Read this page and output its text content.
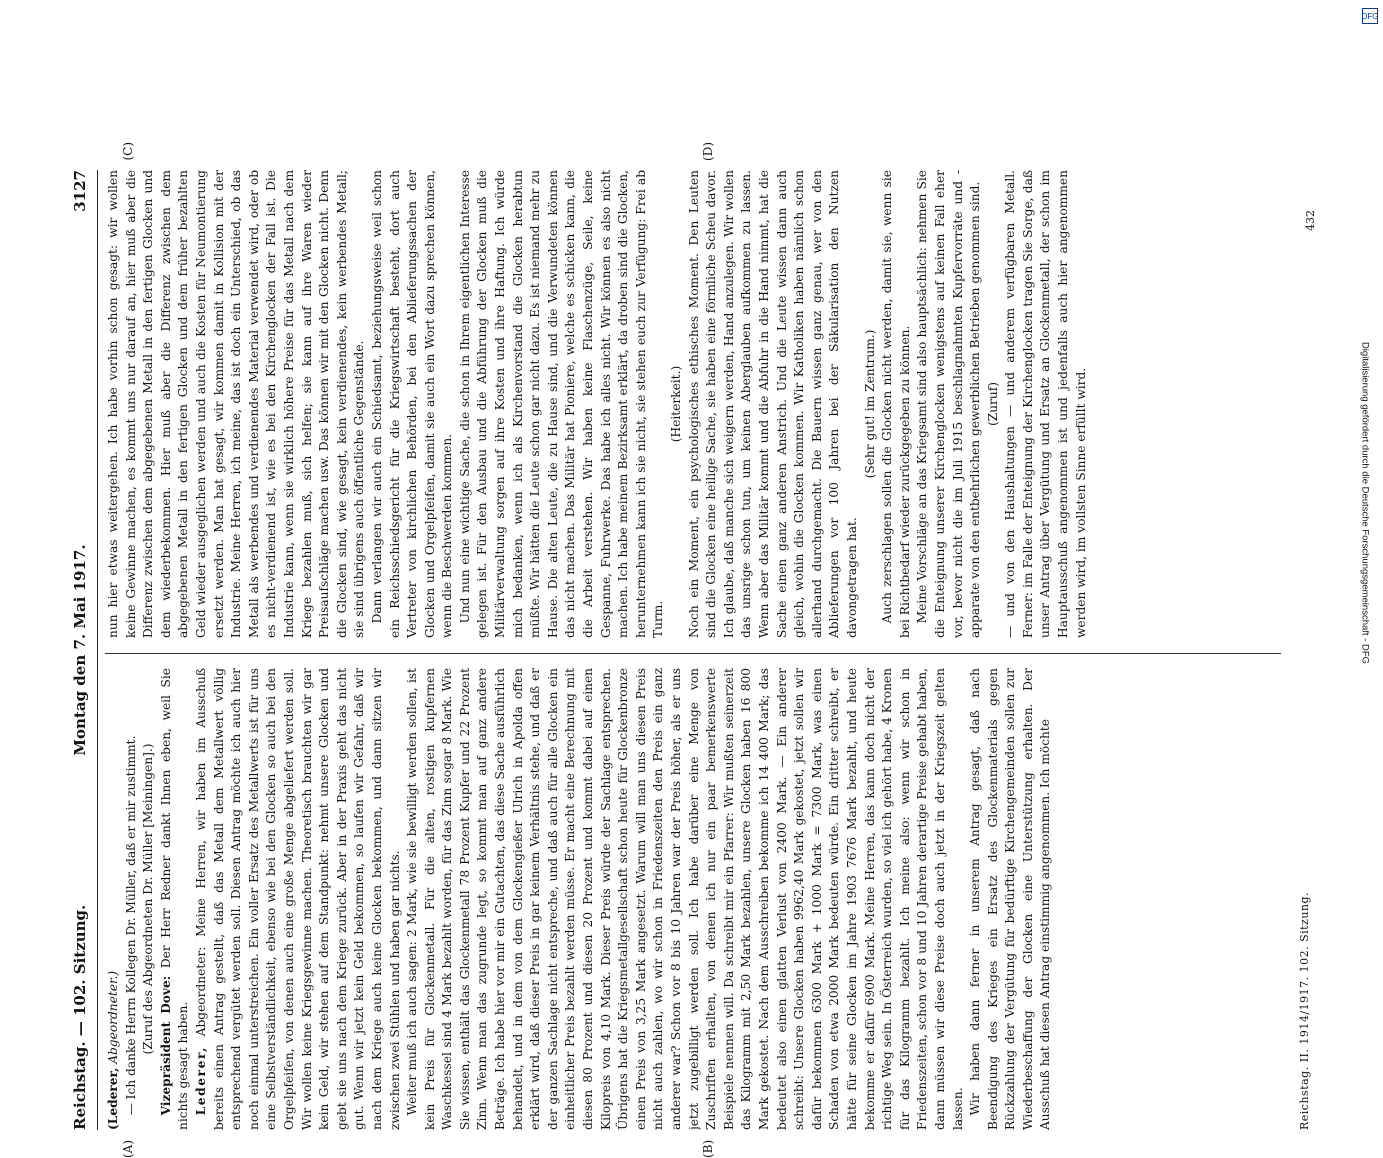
Reichstag. — 102. Sitzung.
Montag den 7. Mai 1917.
3127
(A)	(B)
(C)	(D)

(Lederer, Abgeordneter.) — Ich danke Herrn Kollegen Dr. Müller, daß er mir zustimmt. (Zuruf des Abgeordneten Dr. Müller [Meiningen].) Vizepräsident Dove: Der Herr Redner dankt Ihnen eben, weil Sie nichts gesagt haben. Lederer, Abgeordneter: Meine Herren, wir haben im Ausschuß bereits einen Antrag gestellt, daß das Metall dem Metallwert völlig entsprechend vergütet werden soll. Diesen Antrag möchte ich auch hier noch einmal unterstreichen. Ein voller Ersatz des Metallwerts ist für uns eine Selbstverständlichkeit, ebenso wie bei den Glocken so auch bei den Orgelpfeifen, von denen auch eine große Menge abgeliefert werden soll. Wir wollen keine Kriegsgewinne machen. Theoretisch brauchten wir gar kein Geld, wir stehen auf dem Standpunkt: nehmt unsere Glocken und gebt sie uns nach dem Kriege zurück. Aber in der Praxis geht das nicht gut. Wenn wir jetzt kein Geld bekommen, so laufen wir Gefahr, daß wir nach dem Kriege auch keine Glocken bekommen, und dann sitzen wir zwischen zwei Stühlen und haben gar nichts. Weiter muß ich auch sagen: 2 Mark, wie sie bewilligt werden sollen, ist kein Preis für Glockenmetall. Für die alten, rostigen kupfernen Waschkessel sind 4 Mark bezahlt worden, für das Zinn sogar 8 Mark. Wie Sie wissen, enthält das Glockenmetall 78 Prozent Kupfer und 22 Prozent Zinn. Wenn man das zugrunde legt, so kommt man auf ganz andere Beträge. Ich habe hier vor mir ein Gutachten, das diese Sache ausführlich behandelt, und in dem von dem Glockengießer Ulrich in Apolda offen erklärt wird, daß dieser Preis in gar keinem Verhältnis stehe, und daß er der ganzen Sachlage nicht entspreche, und daß auch für alle Glocken ein einheitlicher Preis bezahlt werden müsse. Er macht eine Berechnung mit diesen 80 Prozent und diesen 20 Prozent und kommt dabei auf einen Kilopreis von 4,10 Mark. Dieser Preis würde der Sachlage entsprechen. Übrigens hat die Kriegsmetallgesellschaft schon heute für Glockenbronze einen Preis von 3,25 Mark angesetzt. Warum will man uns diesen Preis nicht auch zahlen, wo wir schon in Friedenszeiten den Preis ein ganz anderer war? Schon vor 8 bis 10 Jahren war der Preis höher, als er uns jetzt zugebilligt werden soll. Ich habe darüber eine Menge von Zuschriften erhalten, von denen ich nur ein paar bemerkenswerte Beispiele nennen will. Da schreibt mir ein Pfarrer: Wir mußten seinerzeit das Kilogramm mit 2,50 Mark bezahlen, unsere Glocken haben 16 800 Mark gekostet. Nach dem Ausschreiben bekomme ich 14 400 Mark; das bedeutet also einen glatten Verlust von 2400 Mark. — Ein anderer schreibt: Unsere Glocken haben 9962,40 Mark gekostet, jetzt sollen wir dafür bekommen 6300 Mark + 1000 Mark = 7300 Mark, was einen Schaden von etwa 2000 Mark bedeuten würde. Ein dritter schreibt, er hätte für seine Glocken im Jahre 1903 7676 Mark bezahlt, und heute bekomme er dafür 6900 Mark. Meine Herren, das kann doch nicht der richtige Weg sein. In Österreich wurden, so viel ich gehört habe, 4 Kronen für das Kilogramm bezahlt. Ich meine also: wenn wir schon in Friedenszeiten, schon vor 8 und 10 Jahren derartige Preise gehabt haben, dann müssen wir diese Preise doch auch jetzt in der Kriegszeit gelten lassen. Wir haben dann ferner in unserem Antrag gesagt, daß nach Beendigung des Krieges ein Ersatz des Glockenmaterials gegen Rückzahlung der Vergütung für bedürftige Kirchengemeinden sollen zur Wiederbeschaffung der Glocken eine Unterstützung erhalten. Der Ausschuß hat diesen Antrag einstimmig angenommen. Ich möchte

nun hier etwas weitergehen. Ich habe vorhin schon gesagt: wir wollen keine Gewinne machen, es kommt uns nur darauf an, hier muß aber die Differenz zwischen dem abgegebenen Metall in den fertigen Glocken und dem wiederbekommen. Hier muß aber die Differenz zwischen dem abgegebenen Metall in den fertigen Glocken und dem früher bezahlten Geld wieder ausgeglichen werden und auch die Kosten für Neumontierung ersetzt werden. Man hat gesagt, wir kommen damit in Kollision mit der Industrie. Meine Herren, ich meine, das ist doch ein Unterschied, ob das Metall als werbendes und verdienendes Material verwendet wird, oder ob es nicht-verdienend ist, wie es bei den Kirchenglocken der Fall ist. Die Industrie kann, wenn sie wirklich höhere Preise für das Metall nach dem Kriege bezahlen muß, sich helfen; sie kann auf ihre Waren wieder Preisaufschläge machen usw. Das können wir mit den Glocken nicht. Denn die Glocken sind, wie gesagt, kein verdienendes, kein werbendes Metall; sie sind übrigens auch öffentliche Gegenstände. Dann verlangen wir auch ein Schiedsamt, beziehungsweise weil schon ein Reichsschiedsgericht für die Kriegswirtschaft besteht, dort auch Vertreter von kirchlichen Behörden, bei den Ablieferungssachen der Glocken und Orgelpfeifen, damit sie auch ein Wort dazu sprechen können, wenn die Beschwerden kommen. Und nun eine wichtige Sache, die schon in Ihrem eigentlichen Interesse gelegen ist. Für den Ausbau und die Abführung der Glocken muß die Militärverwaltung sorgen auf ihre Kosten und ihre Haftung. Ich würde mich bedanken, wenn ich als Kirchenvorstand die Glocken herabtun müßte. Wir hätten die Leute schon gar nicht dazu. Es ist niemand mehr zu Hause. Die alten Leute, die zu Hause sind, und die Verwundeten können das nicht machen. Das Militär hat Pioniere, welche es schicken kann, die die Arbeit verstehen. Wir haben keine Flaschenzüge, Seile, keine Gespanne, Fuhrwerke. Das habe ich alles nicht. Wir können es also nicht machen. Ich habe meinem Bezirksamt erklärt, da droben sind die Glocken, herunternehmen kann ich sie nicht, sie stehen euch zur Verfügung: Frei ab Turm.

(Heiterkeit.) Noch ein Moment, ein psychologisches ethisches Moment. Den Leuten sind die Glocken eine heilige Sache, sie haben eine förmliche Scheu davor. Ich glaube, daß manche sich weigern werden, Hand anzulegen. Wir wollen das unsrige schon tun, um keinen Aberglauben aufkommen zu lassen. Wenn aber das Militär kommt und die Abfuhr in die Hand nimmt, hat die Sache einen ganz anderen Anstrich. Und die Leute wissen dann auch gleich, wohin die Glocken kommen. Wir Katholiken haben nämlich schon allerhand durchgemacht. Die Bauern wissen ganz genau, wer von den Ablieferungen vor 100 Jahren bei der Säkularisation den Nutzen davongetragen hat.

(Sehr gut! im Zentrum.) Auch zerschlagen sollen die Glocken nicht werden, damit sie, wenn sie bei Richtbedarf wieder zurückgegeben zu können. Meine Vorschläge an das Kriegsamt sind also hauptsächlich: nehmen Sie die Enteignung unserer Kirchenglocken wenigstens auf keinen Fall eher vor, bevor nicht die im Juli 1915 beschlagnahmten Kupfervorräte und -apparate von den entbehrlichen gewerblichen Betrieben genommen sind. (Zuruf) — und von den Haushaltungen — und anderem verfügbaren Metall. Ferner: im Falle der Enteignung der Kirchenglocken tragen Sie Sorge, daß unser Antrag über Vergütung und Ersatz an Glockenmetall, der schon im Hauptausschuß angenommen ist und jedenfalls auch hier angenommen werden wird, im vollsten Sinne erfüllt wird.

Reichstag. II. 1914/1917. 102. Sitzung.
432
DFG
Digitalisierung gefördert durch die Deutsche Forschungsgemeinschaft - DFG
